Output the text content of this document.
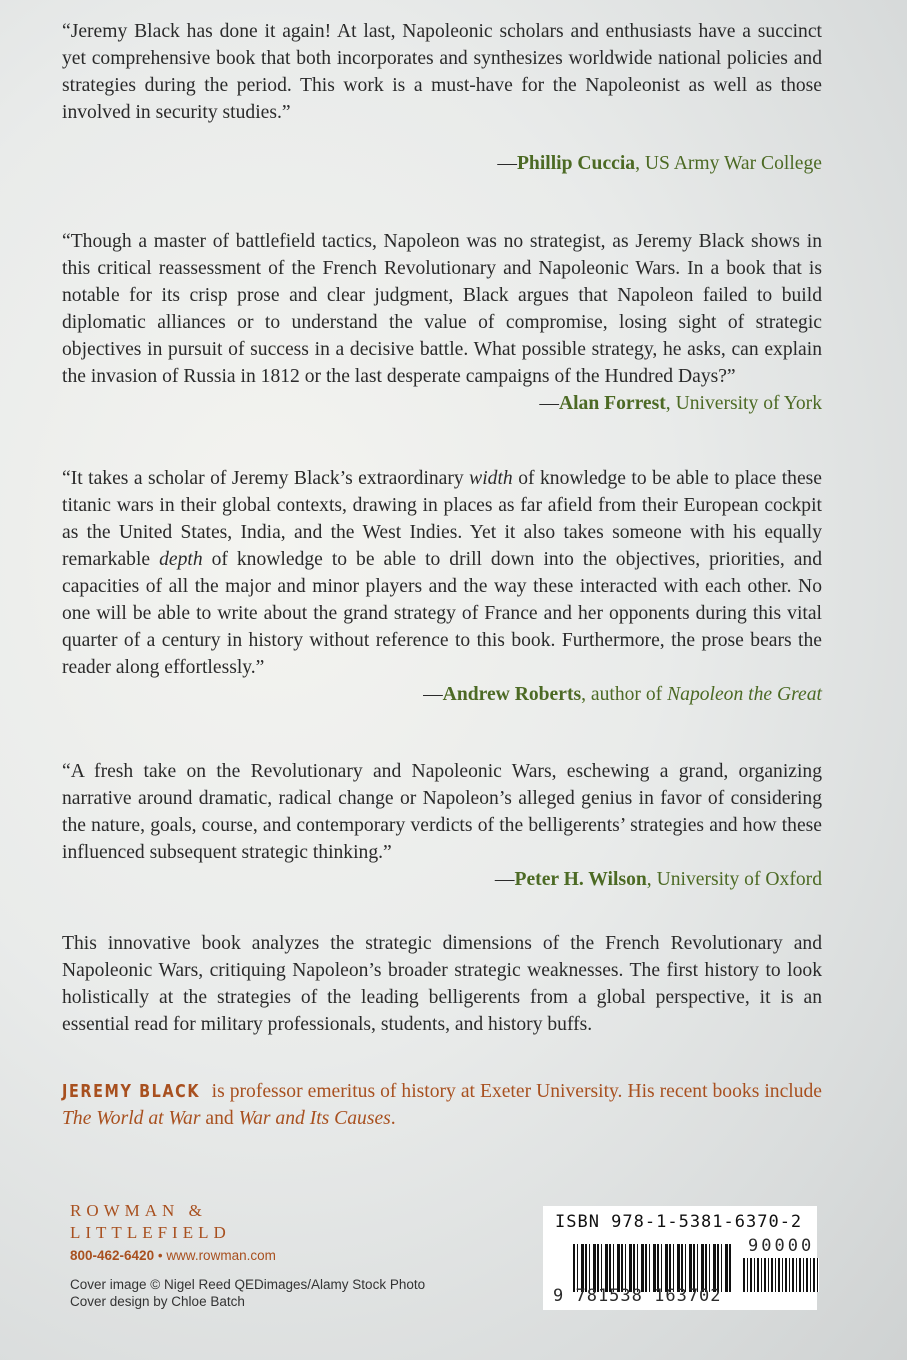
“Jeremy Black has done it again! At last, Napoleonic scholars and enthusiasts have a succinct yet comprehensive book that both incorporates and synthesizes worldwide national policies and strategies during the period. This work is a must-have for the Napoleonist as well as those involved in security studies.”
—Phillip Cuccia, US Army War College
“Though a master of battlefield tactics, Napoleon was no strategist, as Jeremy Black shows in this critical reassessment of the French Revolutionary and Napoleonic Wars. In a book that is notable for its crisp prose and clear judgment, Black argues that Napoleon failed to build diplomatic alliances or to understand the value of compromise, losing sight of strategic objectives in pursuit of success in a decisive battle. What possible strategy, he asks, can explain the invasion of Russia in 1812 or the last desperate campaigns of the Hundred Days?”
—Alan Forrest, University of York
“It takes a scholar of Jeremy Black’s extraordinary width of knowledge to be able to place these titanic wars in their global contexts, drawing in places as far afield from their European cockpit as the United States, India, and the West Indies. Yet it also takes someone with his equally remarkable depth of knowledge to be able to drill down into the objectives, priorities, and capacities of all the major and minor players and the way these interacted with each other. No one will be able to write about the grand strategy of France and her opponents during this vital quarter of a century in history without reference to this book. Furthermore, the prose bears the reader along effortlessly.”
—Andrew Roberts, author of Napoleon the Great
“A fresh take on the Revolutionary and Napoleonic Wars, eschewing a grand, organizing narrative around dramatic, radical change or Napoleon’s alleged genius in favor of considering the nature, goals, course, and contemporary verdicts of the belligerents’ strategies and how these influenced subsequent strategic thinking.”
—Peter H. Wilson, University of Oxford
This innovative book analyzes the strategic dimensions of the French Revolutionary and Napoleonic Wars, critiquing Napoleon’s broader strategic weaknesses. The first history to look holistically at the strategies of the leading belligerents from a global perspective, it is an essential read for military professionals, students, and history buffs.
JEREMY BLACK is professor emeritus of history at Exeter University. His recent books include The World at War and War and Its Causes.
ROWMAN &
LITTLEFIELD
800-462-6420 • www.rowman.com
Cover image © Nigel Reed QEDimages/Alamy Stock Photo
Cover design by Chloe Batch
ISBN 978-1-5381-6370-2
90000
9 781538 163702
